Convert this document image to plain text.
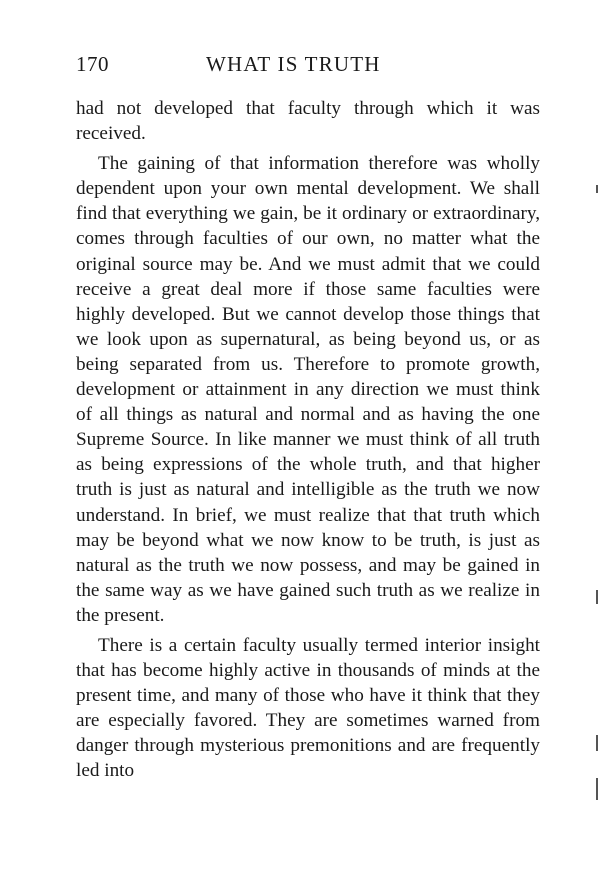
170	WHAT IS TRUTH

had not developed that faculty through which it was received.

The gaining of that information therefore was wholly dependent upon your own mental development. We shall find that everything we gain, be it ordinary or extraordinary, comes through faculties of our own, no matter what the original source may be. And we must admit that we could receive a great deal more if those same faculties were highly developed. But we cannot develop those things that we look upon as supernatural, as being beyond us, or as being separated from us. Therefore to promote growth, development or attainment in any direction we must think of all things as natural and normal and as having the one Supreme Source. In like manner we must think of all truth as being expressions of the whole truth, and that higher truth is just as natural and intelligible as the truth we now understand. In brief, we must realize that that truth which may be beyond what we now know to be truth, is just as natural as the truth we now possess, and may be gained in the same way as we have gained such truth as we realize in the present.

There is a certain faculty usually termed interior insight that has become highly active in thousands of minds at the present time, and many of those who have it think that they are especially favored. They are sometimes warned from danger through mysterious premonitions and are frequently led into
